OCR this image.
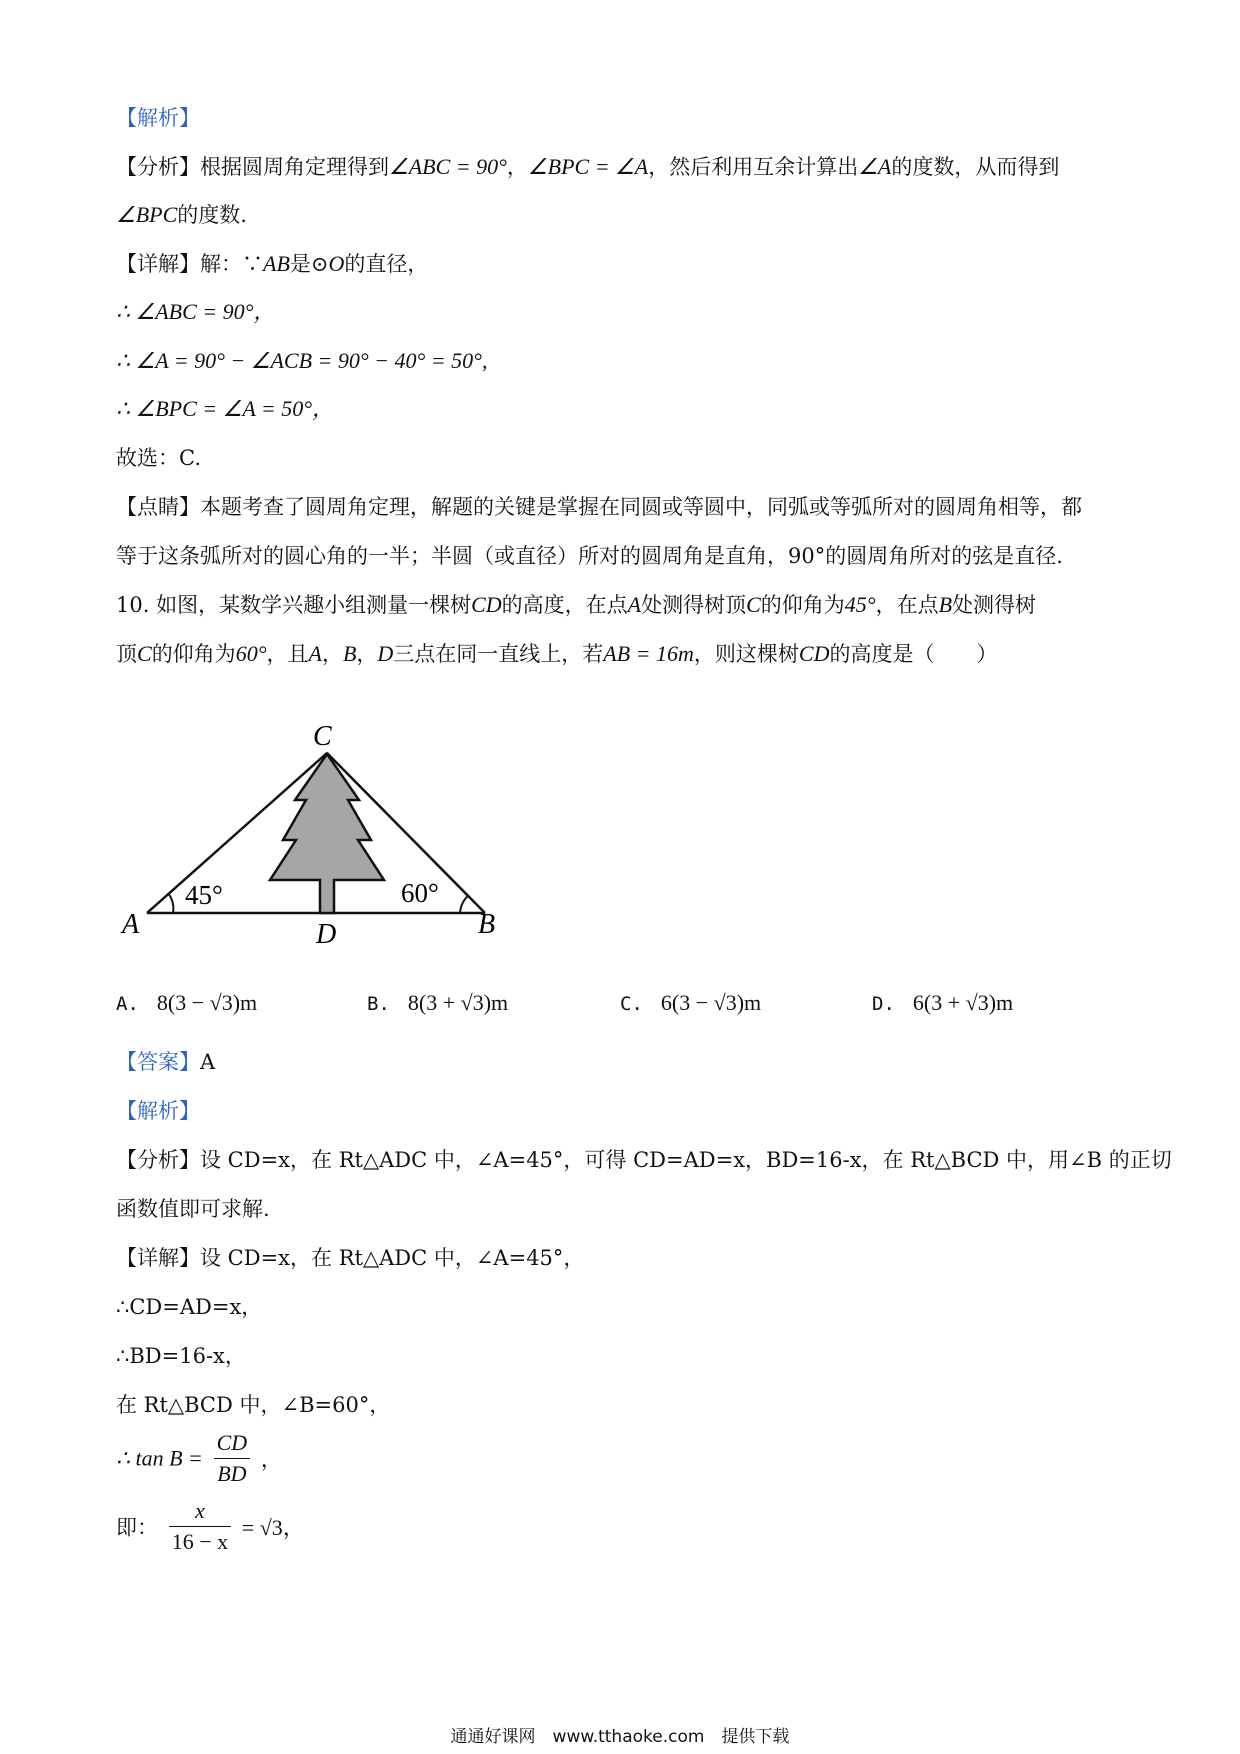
【解析】
【分析】根据圆周角定理得到∠ABC = 90°，∠BPC = ∠A，然后利用互余计算出∠A的度数，从而得到
∠BPC的度数.
【详解】解：∵AB是⊙O的直径，
∴ ∠ABC = 90°，
∴ ∠A = 90° − ∠ACB = 90° − 40° = 50°,
∴ ∠BPC = ∠A = 50°，
故选：C.
【点睛】本题考查了圆周角定理，解题的关键是掌握在同圆或等圆中，同弧或等弧所对的圆周角相等，都
等于这条弧所对的圆心角的一半；半圆（或直径）所对的圆周角是直角，90°的圆周角所对的弦是直径.
10. 如图，某数学兴趣小组测量一棵树CD的高度，在点A处测得树顶C的仰角为45°，在点B处测得树
顶C的仰角为60°，且A，B，D三点在同一直线上，若AB = 16m，则这棵树CD的高度是（　　）
C
A	B
D
45°	60°
A. 8(3 − √3)m	B. 8(3 + √3)m	C. 6(3 − √3)m	D. 6(3 + √3)m
【答案】A
【解析】
【分析】设 CD=x，在 Rt△ADC 中，∠A=45°，可得 CD=AD=x，BD=16-x，在 Rt△BCD 中，用∠B 的正切
函数值即可求解.
【详解】设 CD=x，在 Rt△ADC 中，∠A=45°，
∴CD=AD=x，
∴BD=16-x，
在 Rt△BCD 中，∠B=60°，
∴ $\tan B = \frac{CD}{BD}$ ，
即： $\frac{x}{16 - x} = √3$，
通通好课网　www.tthaoke.com　提供下载
